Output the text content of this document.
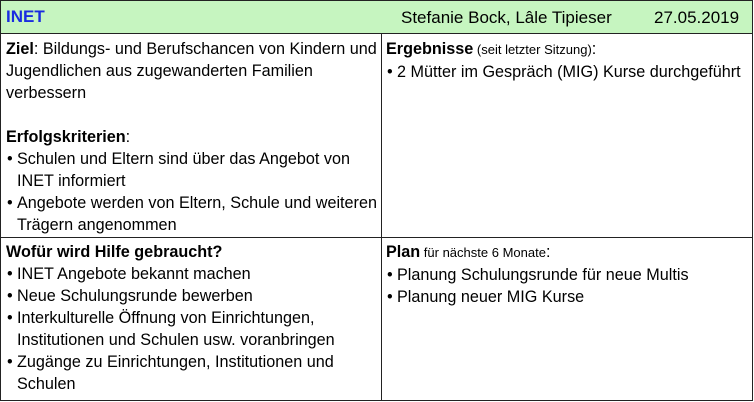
INET	Stefanie Bock, Lâle Tipieser 27.05.2019
Ziel: Bildungs- und Berufschancen von Kindern und Jugendlichen aus zugewanderten Familien verbessern
Erfolgskriterien:
• Schulen und Eltern sind über das Angebot von INET informiert
• Angebote werden von Eltern, Schule und weiteren Trägern angenommen
Ergebnisse (seit letzter Sitzung):
• 2 Mütter im Gespräch (MIG) Kurse durchgeführt
Wofür wird Hilfe gebraucht?
• INET Angebote bekannt machen
• Neue Schulungsrunde bewerben
• Interkulturelle Öffnung von Einrichtungen, Institutionen und Schulen usw. voranbringen
• Zugänge zu Einrichtungen, Institutionen und Schulen
Plan für nächste 6 Monate:
• Planung Schulungsrunde für neue Multis
• Planung neuer MIG Kurse
